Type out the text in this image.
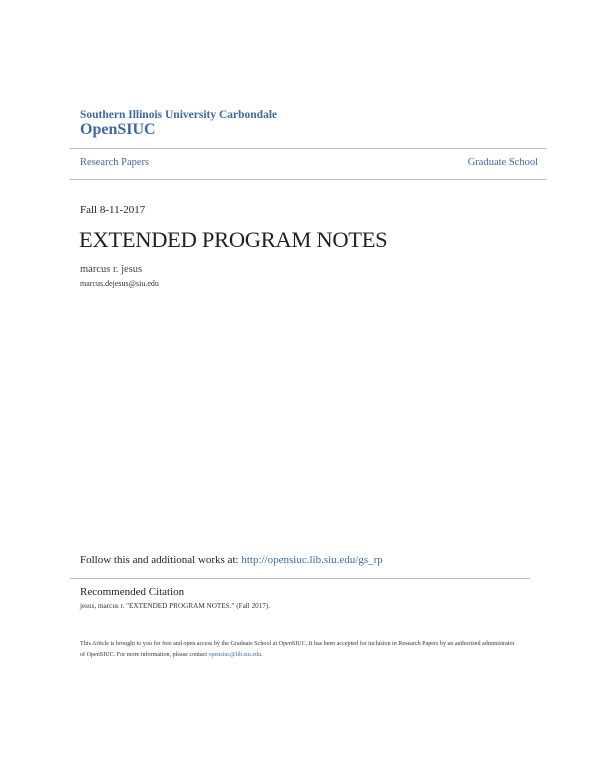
Southern Illinois University Carbondale
OpenSIUC
Research Papers	Graduate School
Fall 8-11-2017
EXTENDED PROGRAM NOTES
marcus r. jesus
marcus.dejesus@siu.edu
Follow this and additional works at: http://opensiuc.lib.siu.edu/gs_rp
Recommended Citation
jesus, marcus r. "EXTENDED PROGRAM NOTES." (Fall 2017).
This Article is brought to you for free and open access by the Graduate School at OpenSIUC. It has been accepted for inclusion in Research Papers by an authorized administrator of OpenSIUC. For more information, please contact opensiuc@lib.siu.edu.
